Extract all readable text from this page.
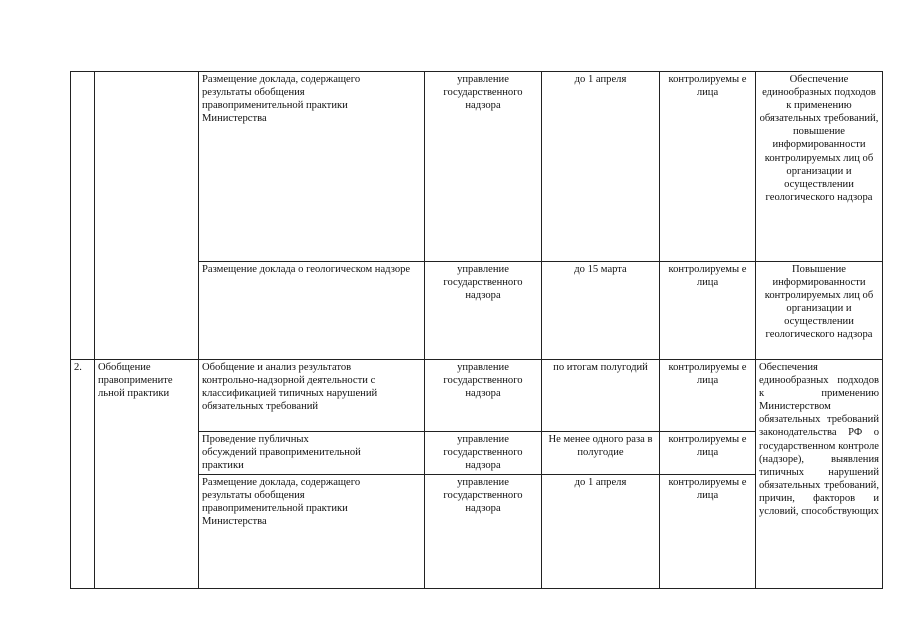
		Размещение доклада, содержащего результаты обобщения правоприменительной практики Министерства	управление государственного надзора	до 1 апреля	контролируемы е лица	Обеспечение единообразных подходов к применению обязательных требований, повышение информированности контролируемых лиц об организации и осуществлении геологического надзора
		Размещение доклада о геологическом надзоре	управление государственного надзора	до 15 марта	контролируемы е лица	Повышение информированности контролируемых лиц об организации и осуществлении геологического надзора
2.	Обобщение правопримените льной практики	Обобщение и анализ результатов контрольно-надзорной деятельности с классификацией типичных нарушений обязательных требований	управление государственного надзора	по итогам полугодий	контролируемы е лица	Обеспечения единообразных подходов к применению Министерством обязательных требований законодательства РФ о государственном контроле (надзоре), выявления типичных нарушений обязательных требований, причин, факторов и условий, способствующих
		Проведение публичных обсуждений правоприменительной практики	управление государственного надзора	Не менее одного раза в полугодие	контролируемы е лица	
		Размещение доклада, содержащего результаты обобщения правоприменительной практики Министерства	управление государственного надзора	до 1 апреля	контролируемы е лица	
